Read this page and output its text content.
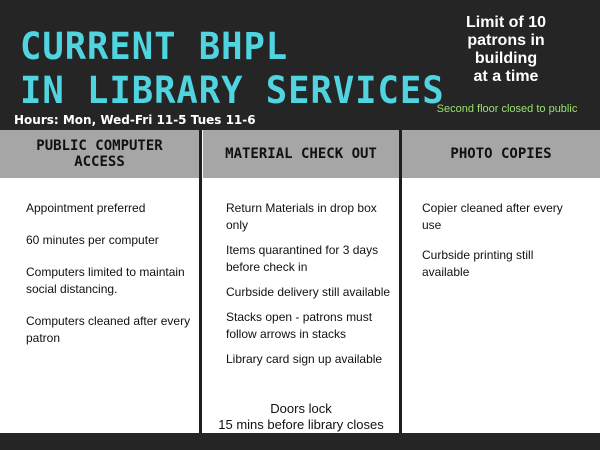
CURRENT BHPL
IN LIBRARY SERVICES
Hours: Mon, Wed-Fri 11-5 Tues 11-6
Limit of 10
patrons in
building
at a time
Second floor closed to public
PUBLIC COMPUTER
ACCESS	MATERIAL CHECK OUT	PHOTO COPIES

Appointment preferred

60 minutes per computer

Computers limited to maintain social distancing.

Computers cleaned after every patron

Return Materials in drop box only

Items quarantined for 3 days before check in

Curbside delivery still available

Stacks open - patrons must follow arrows in stacks

Library card sign up available

Doors lock
15 mins before library closes

Copier cleaned after every use

Curbside printing still available
